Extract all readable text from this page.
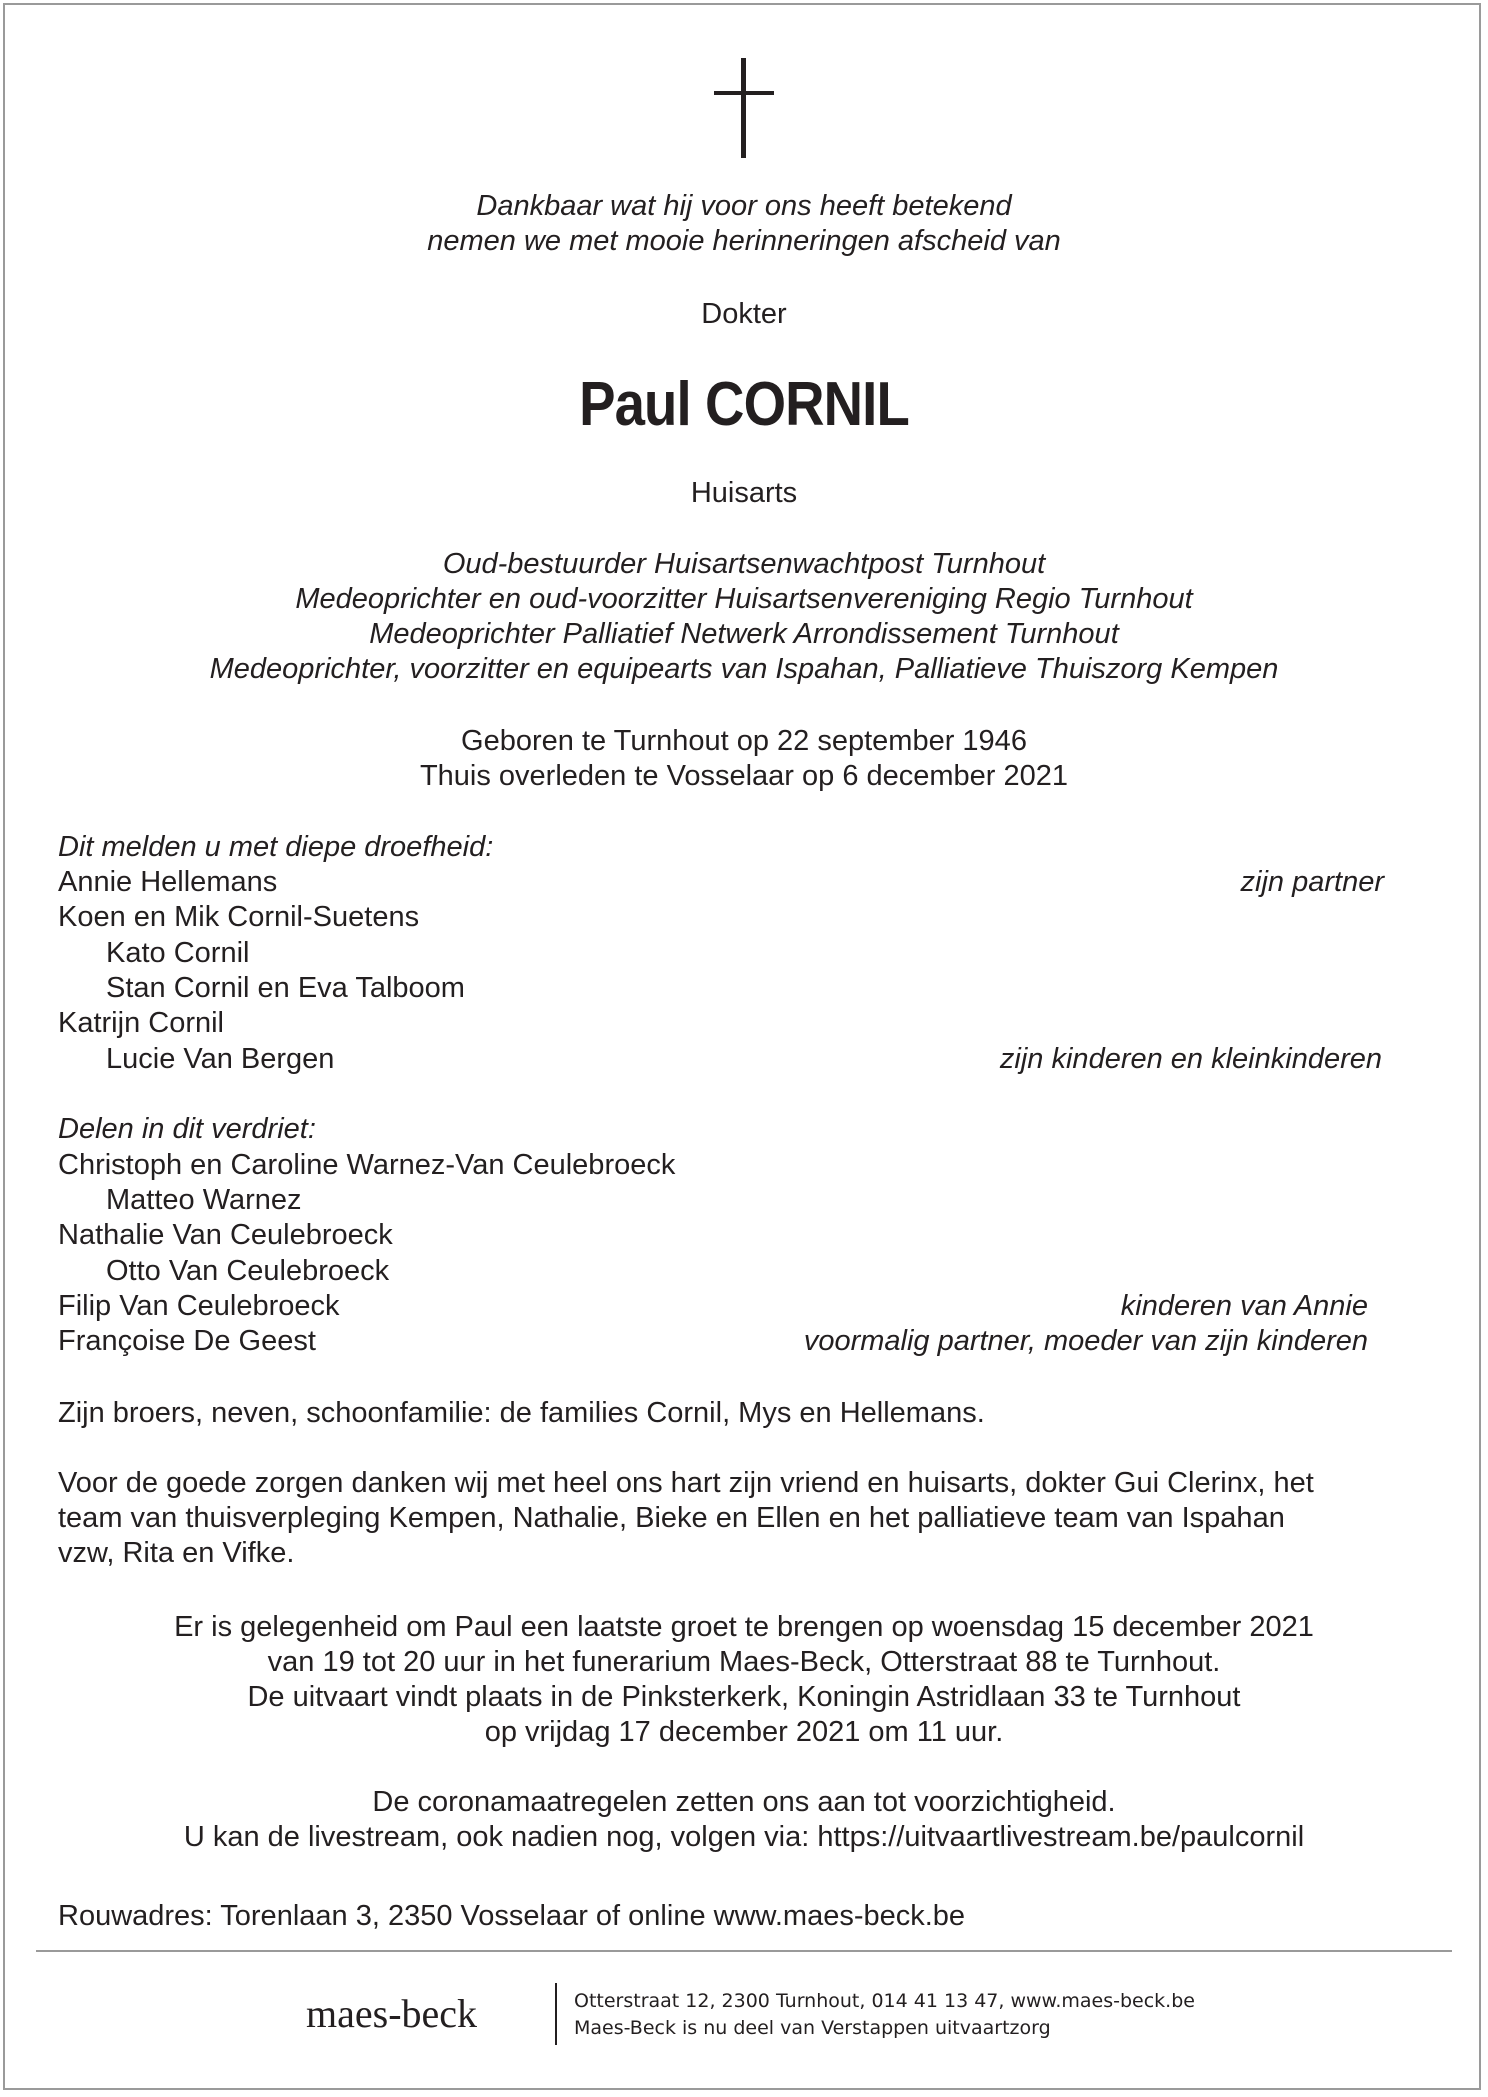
Dankbaar wat hij voor ons heeft betekend
nemen we met mooie herinneringen afscheid van
Dokter
Paul CORNIL
Huisarts
Oud-bestuurder Huisartsenwachtpost Turnhout
Medeoprichter en oud-voorzitter Huisartsenvereniging Regio Turnhout
Medeoprichter Palliatief Netwerk Arrondissement Turnhout
Medeoprichter, voorzitter en equipearts van Ispahan, Palliatieve Thuiszorg Kempen
Geboren te Turnhout op 22 september 1946
Thuis overleden te Vosselaar op 6 december 2021
Dit melden u met diepe droefheid:
Annie Hellemans	zijn partner
Koen en Mik Cornil-Suetens
Kato Cornil
Stan Cornil en Eva Talboom
Katrijn Cornil
Lucie Van Bergen	zijn kinderen en kleinkinderen
Delen in dit verdriet:
Christoph en Caroline Warnez-Van Ceulebroeck
Matteo Warnez
Nathalie Van Ceulebroeck
Otto Van Ceulebroeck
Filip Van Ceulebroeck	kinderen van Annie
Françoise De Geest	voormalig partner, moeder van zijn kinderen
Zijn broers, neven, schoonfamilie: de families Cornil, Mys en Hellemans.
Voor de goede zorgen danken wij met heel ons hart zijn vriend en huisarts, dokter Gui Clerinx, het
team van thuisverpleging Kempen, Nathalie, Bieke en Ellen en het palliatieve team van Ispahan
vzw, Rita en Vifke.
Er is gelegenheid om Paul een laatste groet te brengen op woensdag 15 december 2021
van 19 tot 20 uur in het funerarium Maes-Beck, Otterstraat 88 te Turnhout.
De uitvaart vindt plaats in de Pinksterkerk, Koningin Astridlaan 33 te Turnhout
op vrijdag 17 december 2021 om 11 uur.
De coronamaatregelen zetten ons aan tot voorzichtigheid.
U kan de livestream, ook nadien nog, volgen via: https://uitvaartlivestream.be/paulcornil
Rouwadres: Torenlaan 3, 2350 Vosselaar of online www.maes-beck.be
maes-beck	Otterstraat 12, 2300 Turnhout, 014 41 13 47, www.maes-beck.be
Maes-Beck is nu deel van Verstappen uitvaartzorg
